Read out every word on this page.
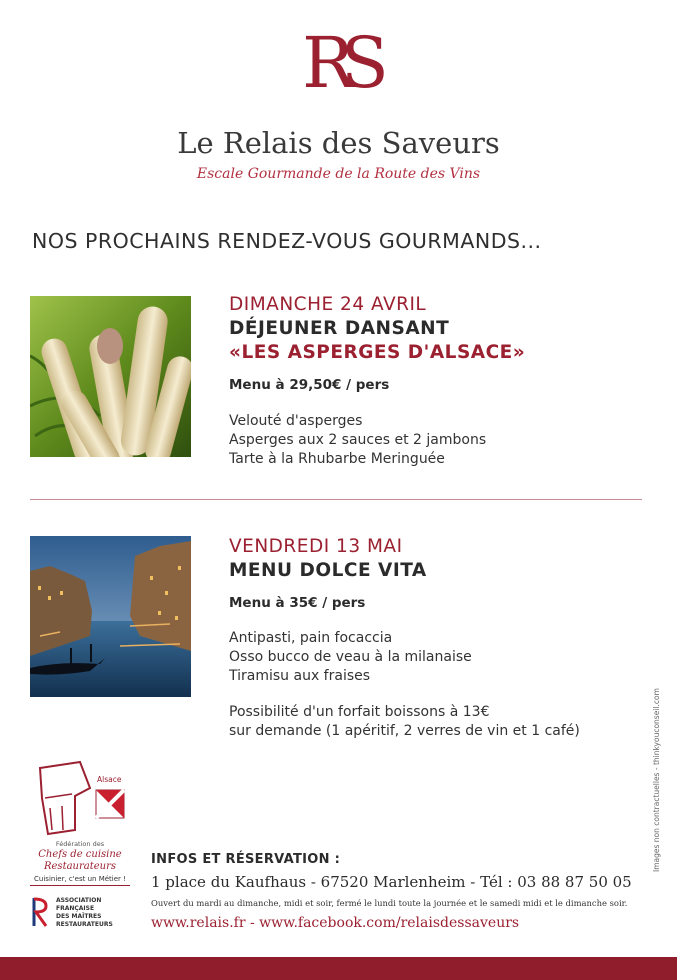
RS
Le Relais des Saveurs
Escale Gourmande de la Route des Vins
NOS PROCHAINS RENDEZ-VOUS GOURMANDS...
DIMANCHE 24 AVRIL
DÉJEUNER DANSANT
«LES ASPERGES D'ALSACE»
Menu à 29,50€ / pers
Velouté d'asperges
Asperges aux 2 sauces et 2 jambons
Tarte à la Rhubarbe Meringuée
VENDREDI 13 MAI
MENU DOLCE VITA
Menu à 35€ / pers
Antipasti, pain focaccia
Osso bucco de veau à la milanaise
Tiramisu aux fraises
Possibilité d'un forfait boissons à 13€
sur demande (1 apéritif, 2 verres de vin et 1 café)	Images non contractuelles - thinkyouconseil.com
Alsace
Fédération des
Chefs de cuisine
Restaurateurs
Cuisinier, c'est un Métier !
ASSOCIATION
FRANÇAISE
DES MAÎTRES
RESTAURATEURS
INFOS ET RÉSERVATION :
1 place du Kaufhaus - 67520 Marlenheim - Tél : 03 88 87 50 05
Ouvert du mardi au dimanche, midi et soir, fermé le lundi toute la journée et le samedi midi et le dimanche soir.
www.relais.fr - www.facebook.com/relaisdessaveurs
